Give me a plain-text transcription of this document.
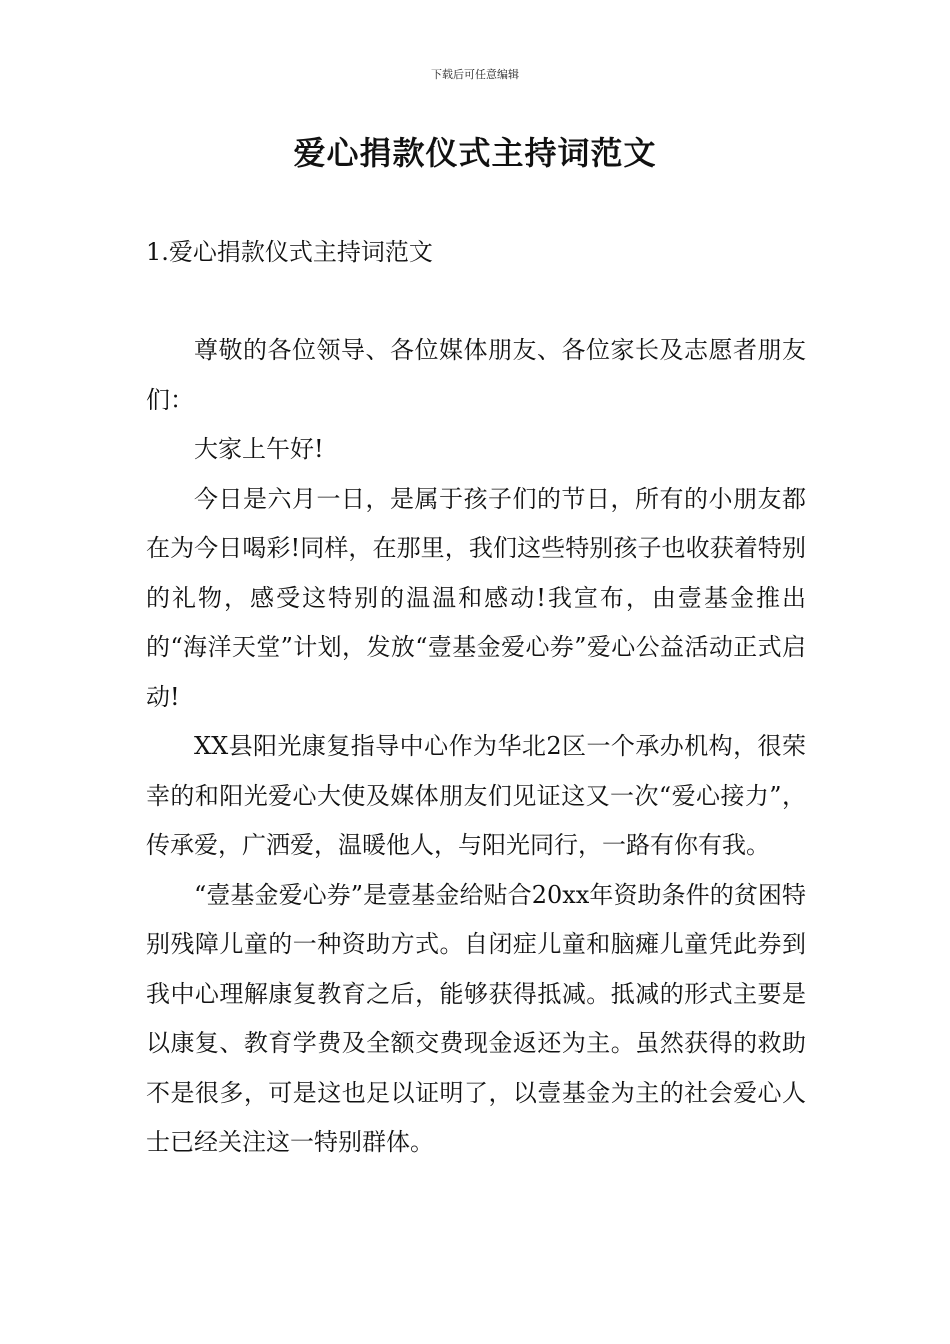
下载后可任意编辑
爱心捐款仪式主持词范文
1.爱心捐款仪式主持词范文

尊敬的各位领导、各位媒体朋友、各位家长及志愿者朋友们：

大家上午好!

今日是六月一日，是属于孩子们的节日，所有的小朋友都在为今日喝彩!同样，在那里，我们这些特别孩子也收获着特别的礼物，感受这特别的温温和感动!我宣布，由壹基金推出的“海洋天堂”计划，发放“壹基金爱心券”爱心公益活动正式启动!

XX县阳光康复指导中心作为华北2区一个承办机构，很荣幸的和阳光爱心大使及媒体朋友们见证这又一次“爱心接力”，传承爱，广洒爱，温暖他人，与阳光同行，一路有你有我。

“壹基金爱心券”是壹基金给贴合20xx年资助条件的贫困特别残障儿童的一种资助方式。自闭症儿童和脑瘫儿童凭此券到我中心理解康复教育之后，能够获得抵减。抵减的形式主要是以康复、教育学费及全额交费现金返还为主。虽然获得的救助不是很多，可是这也足以证明了，以壹基金为主的社会爱心人士已经关注这一特别群体。
